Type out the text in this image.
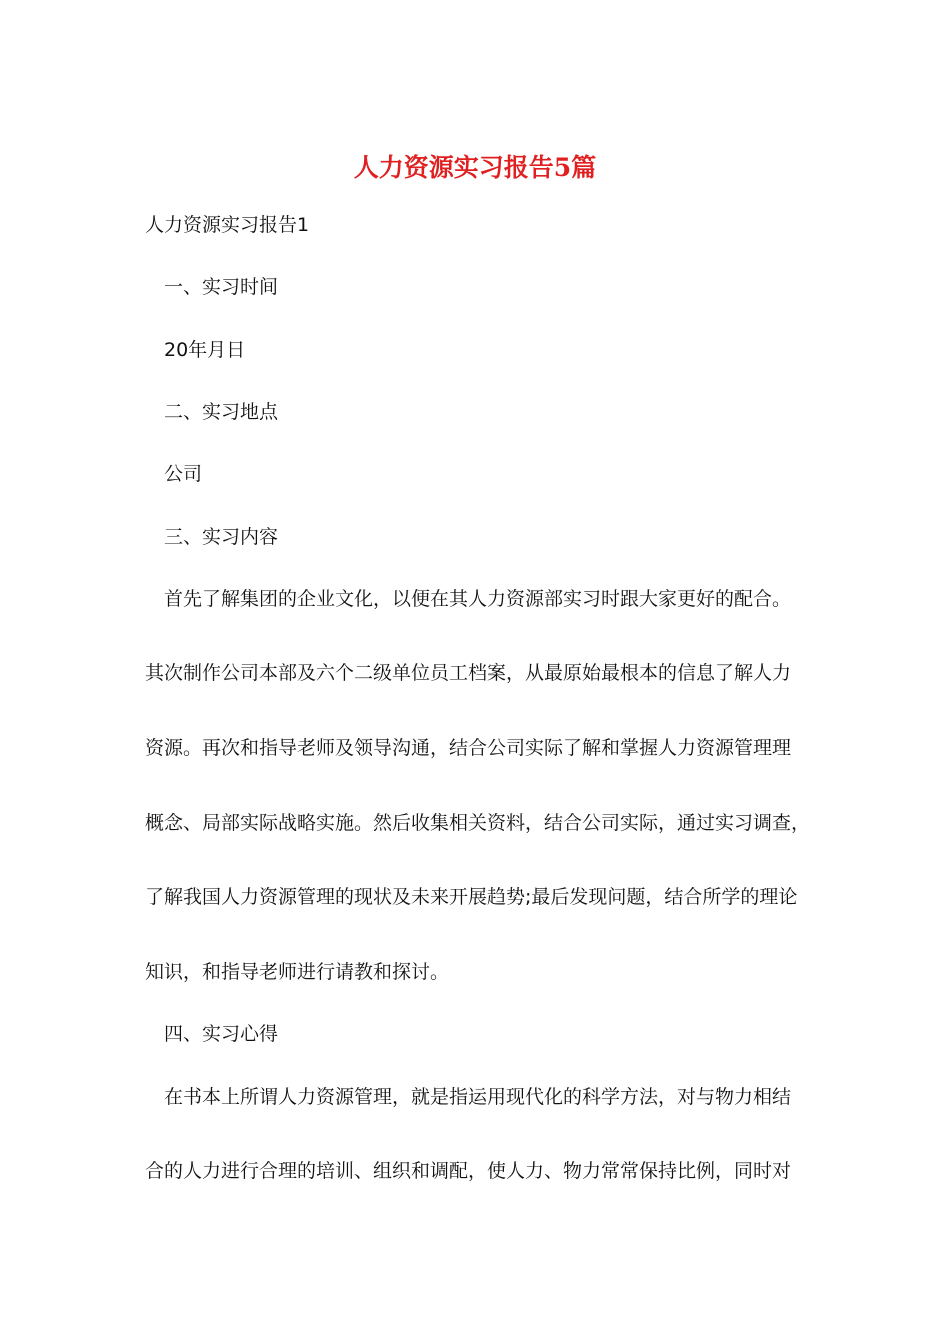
人力资源实习报告5篇

人力资源实习报告1

一、实习时间

20年月日

二、实习地点

公司

三、实习内容

首先了解集团的企业文化，以便在其人力资源部实习时跟大家更好的配合。

其次制作公司本部及六个二级单位员工档案，从最原始最根本的信息了解人力

资源。再次和指导老师及领导沟通，结合公司实际了解和掌握人力资源管理理

概念、局部实际战略实施。然后收集相关资料，结合公司实际，通过实习调查，

了解我国人力资源管理的现状及未来开展趋势;最后发现问题，结合所学的理论

知识，和指导老师进行请教和探讨。

四、实习心得

在书本上所谓人力资源管理，就是指运用现代化的科学方法，对与物力相结

合的人力进行合理的培训、组织和调配，使人力、物力常常保持比例，同时对
